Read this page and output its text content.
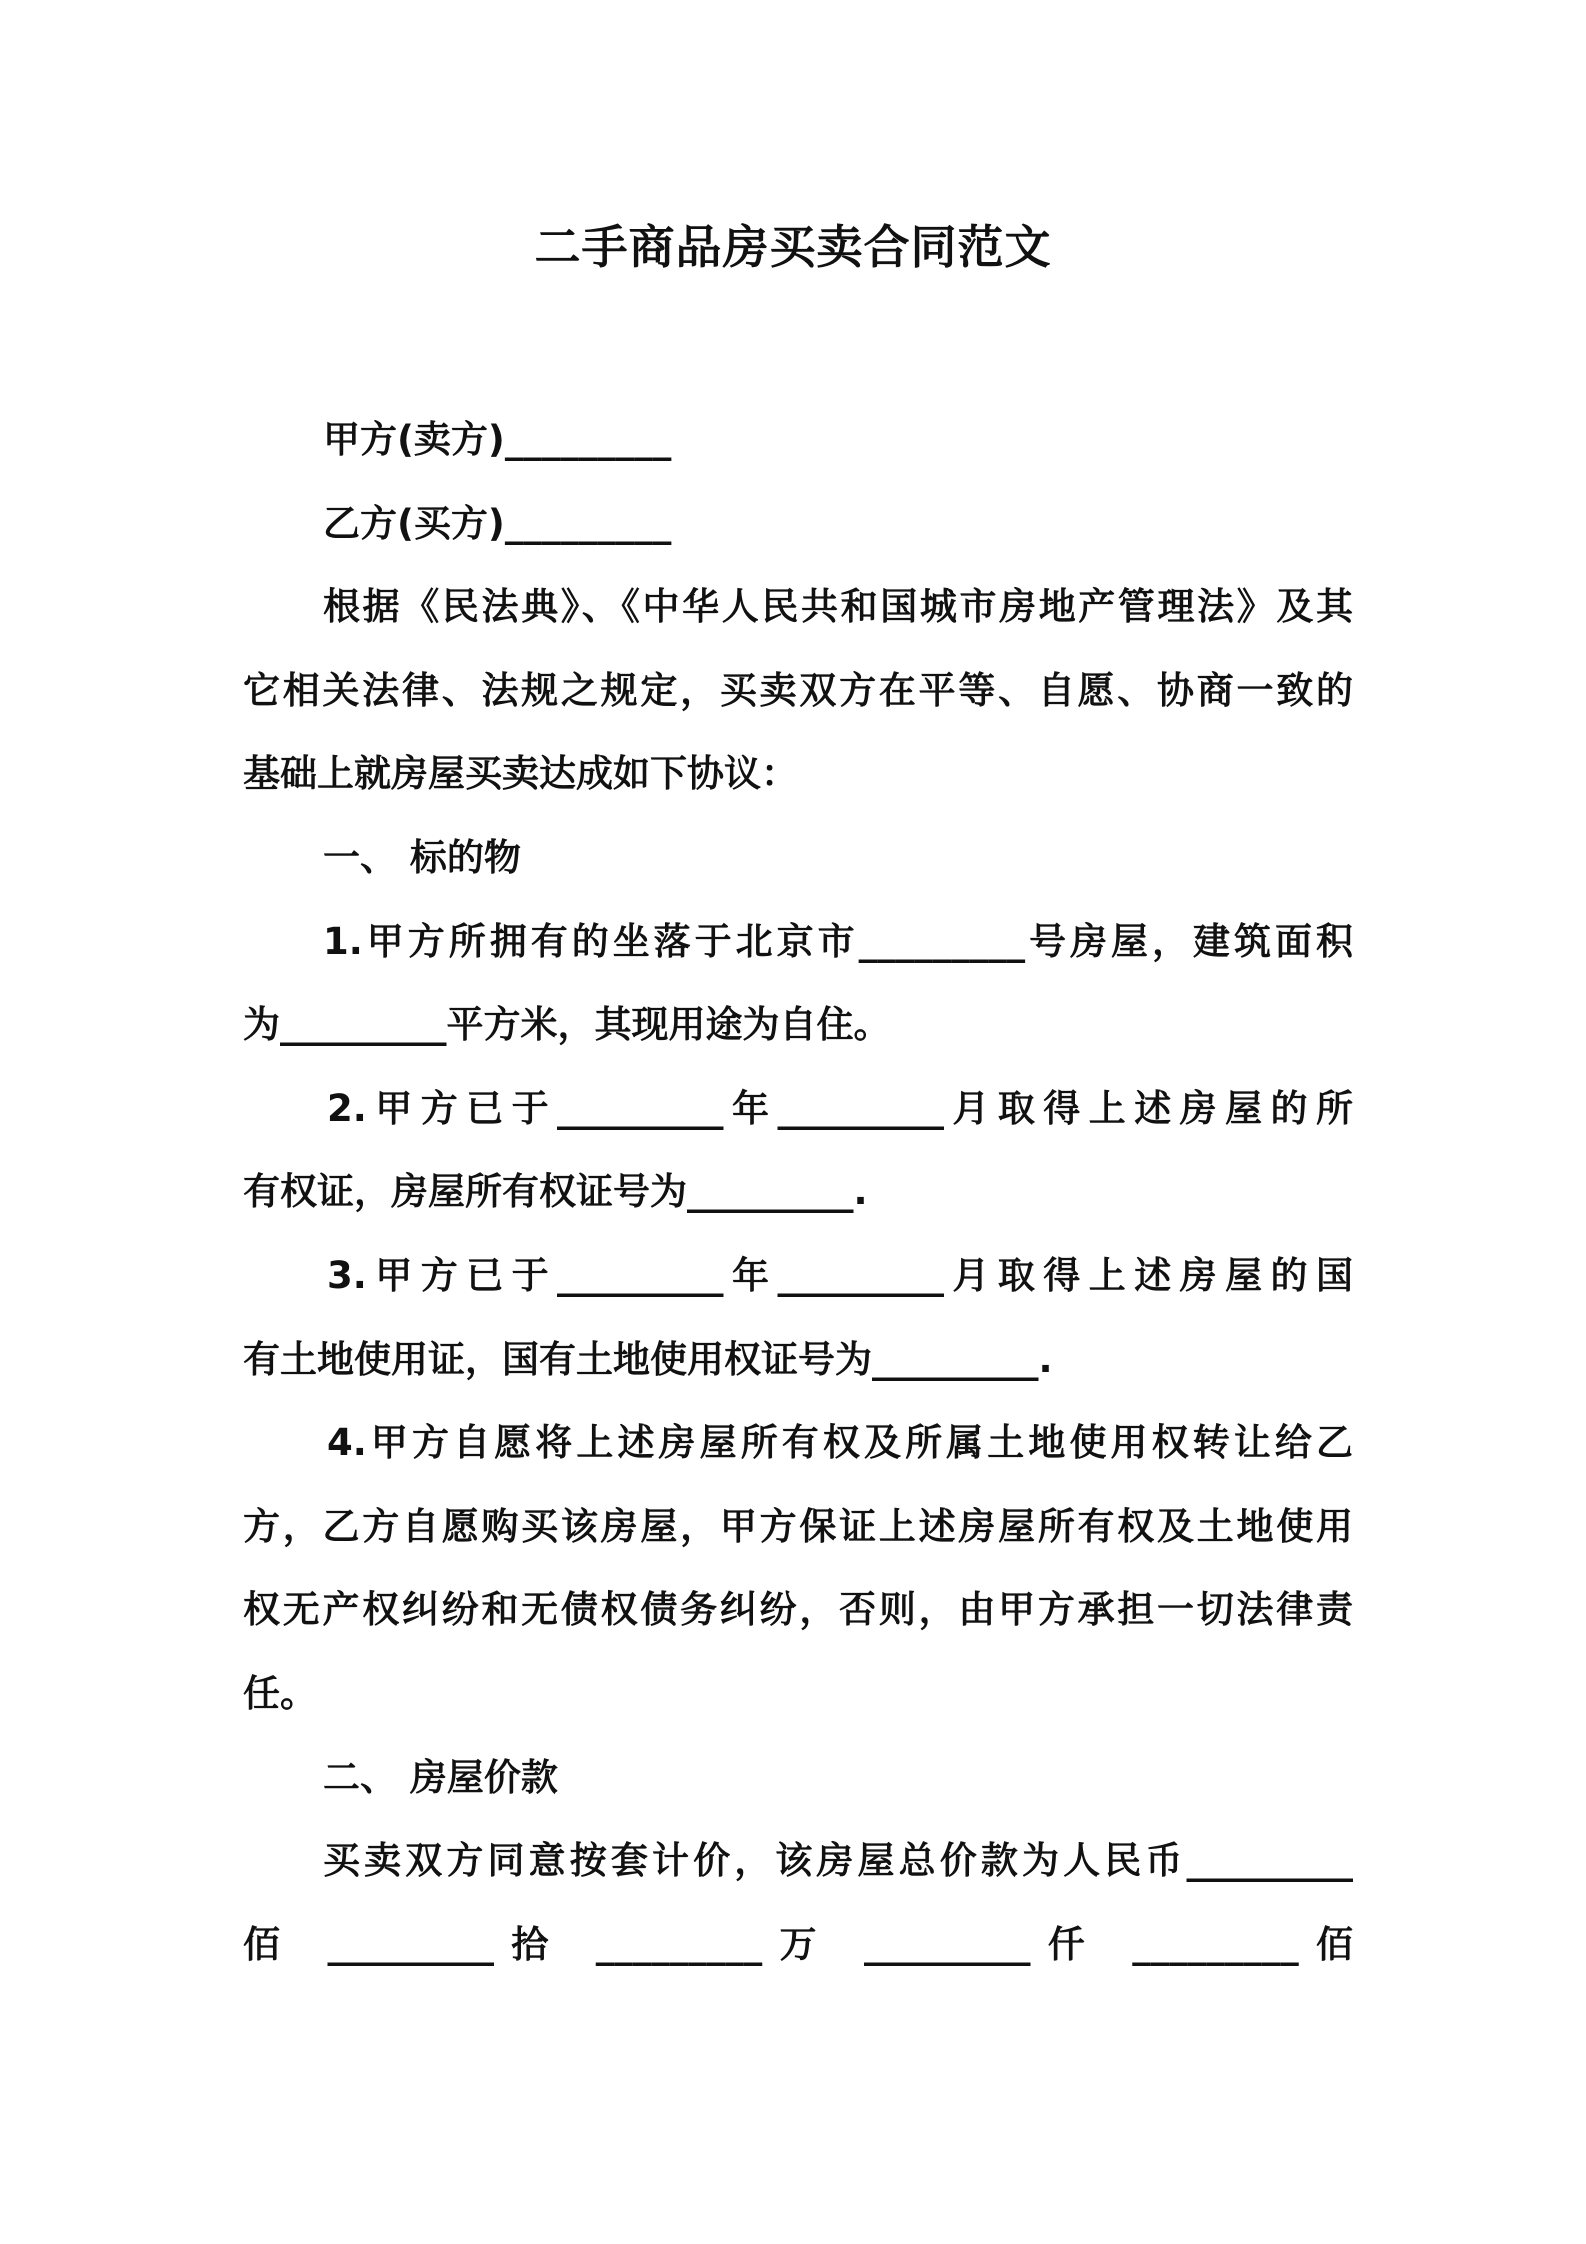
二手商品房买卖合同范文
甲方(卖方)_________
乙方(买方)_________
根据《民法典》、《中华人民共和国城市房地产管理法》及其
它相关法律、法规之规定，买卖双方在平等、自愿、协商一致的
基础上就房屋买卖达成如下协议：
一、 标的物
1.甲方所拥有的坐落于北京市_________号房屋，建筑面积
为_________平方米，其现用途为自住。
2.甲方已于_________年_________月取得上述房屋的所
有权证，房屋所有权证号为_________.
3.甲方已于_________年_________月取得上述房屋的国
有土地使用证，国有土地使用权证号为_________.
4.甲方自愿将上述房屋所有权及所属土地使用权转让给乙
方，乙方自愿购买该房屋，甲方保证上述房屋所有权及土地使用
权无产权纠纷和无债权债务纠纷，否则，由甲方承担一切法律责
任。
二、 房屋价款
买卖双方同意按套计价，该房屋总价款为人民币_________
佰 _________拾 _________万 _________仟 _________佰
